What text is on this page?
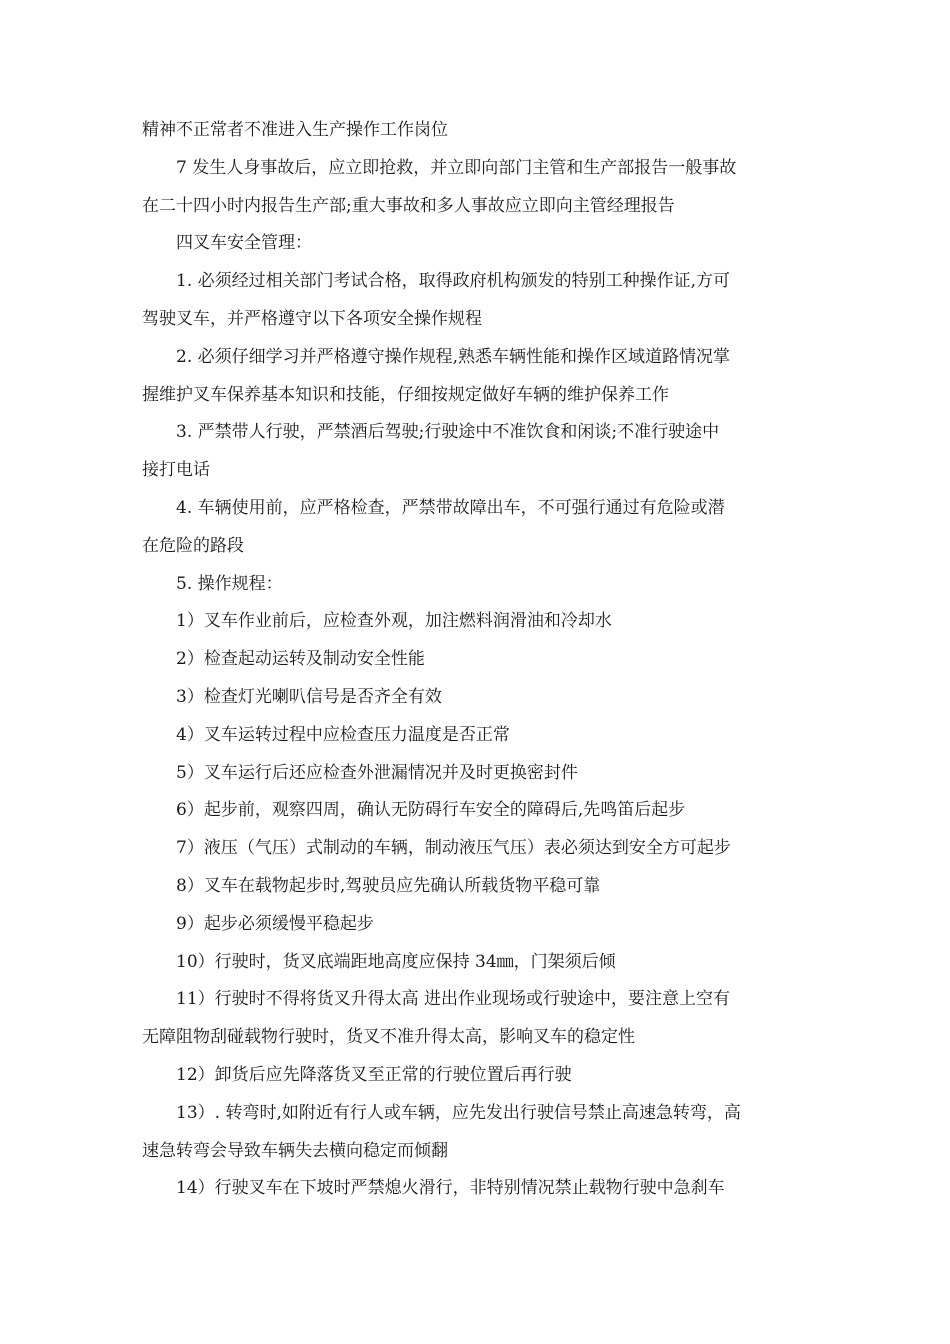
精神不正常者不准进入生产操作工作岗位
7 发生人身事故后，应立即抢救，并立即向部门主管和生产部报告一般事故
在二十四小时内报告生产部;重大事故和多人事故应立即向主管经理报告
四叉车安全管理：
1. 必须经过相关部门考试合格，取得政府机构颁发的特别工种操作证,方可
驾驶叉车，并严格遵守以下各项安全操作规程
2. 必须仔细学习并严格遵守操作规程,熟悉车辆性能和操作区域道路情况掌
握维护叉车保养基本知识和技能，仔细按规定做好车辆的维护保养工作
3. 严禁带人行驶，严禁酒后驾驶;行驶途中不准饮食和闲谈;不准行驶途中
接打电话
4. 车辆使用前，应严格检查，严禁带故障出车，不可强行通过有危险或潜
在危险的路段
5. 操作规程：
1）叉车作业前后，应检查外观，加注燃料润滑油和冷却水
2）检查起动运转及制动安全性能
3）检查灯光喇叭信号是否齐全有效
4）叉车运转过程中应检查压力温度是否正常
5）叉车运行后还应检查外泄漏情况并及时更换密封件
6）起步前，观察四周，确认无防碍行车安全的障碍后,先鸣笛后起步
7）液压（气压）式制动的车辆，制动液压气压）表必须达到安全方可起步
8）叉车在载物起步时,驾驶员应先确认所载货物平稳可靠
9）起步必须缓慢平稳起步
10）行驶时，货叉底端距地高度应保持 34㎜，门架须后倾
11）行驶时不得将货叉升得太高 进出作业现场或行驶途中，要注意上空有
无障阻物刮碰载物行驶时，货叉不准升得太高，影响叉车的稳定性
12）卸货后应先降落货叉至正常的行驶位置后再行驶
13）. 转弯时,如附近有行人或车辆，应先发出行驶信号禁止高速急转弯，高
速急转弯会导致车辆失去横向稳定而倾翻
14）行驶叉车在下坡时严禁熄火滑行，非特别情况禁止载物行驶中急刹车
